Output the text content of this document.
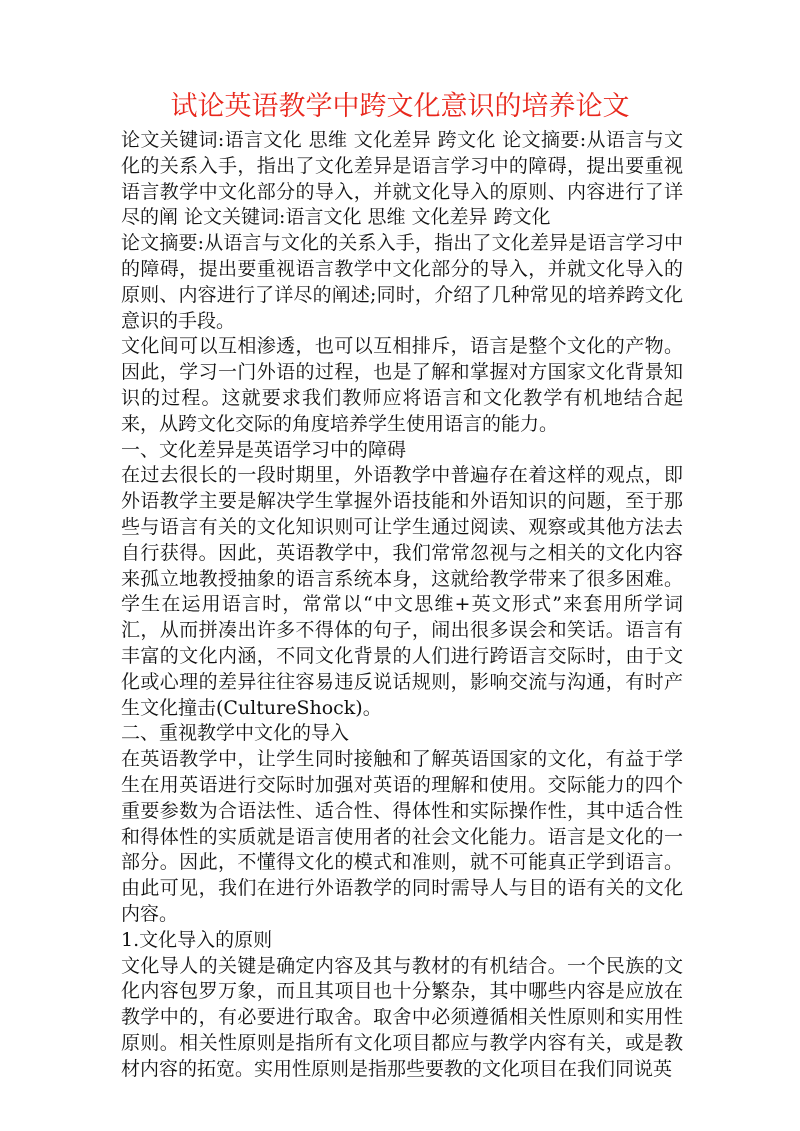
试论英语教学中跨文化意识的培养论文

论文关键词:语言文化 思维 文化差异 跨文化 论文摘要:从语言与文化的关系入手，指出了文化差异是语言学习中的障碍，提出要重视语言教学中文化部分的导入，并就文化导入的原则、内容进行了详尽的阐 论文关键词:语言文化 思维 文化差异 跨文化

论文摘要:从语言与文化的关系入手，指出了文化差异是语言学习中的障碍，提出要重视语言教学中文化部分的导入，并就文化导入的原则、内容进行了详尽的阐述;同时，介绍了几种常见的培养跨文化意识的手段。

文化间可以互相渗透，也可以互相排斥，语言是整个文化的产物。因此，学习一门外语的过程，也是了解和掌握对方国家文化背景知识的过程。这就要求我们教师应将语言和文化教学有机地结合起来，从跨文化交际的角度培养学生使用语言的能力。

一、文化差异是英语学习中的障碍

在过去很长的一段时期里，外语教学中普遍存在着这样的观点，即外语教学主要是解决学生掌握外语技能和外语知识的问题，至于那些与语言有关的文化知识则可让学生通过阅读、观察或其他方法去自行获得。因此，英语教学中，我们常常忽视与之相关的文化内容来孤立地教授抽象的语言系统本身，这就给教学带来了很多困难。学生在运用语言时，常常以“中文思维+英文形式”来套用所学词汇，从而拼凑出许多不得体的句子，闹出很多误会和笑话。语言有丰富的文化内涵，不同文化背景的人们进行跨语言交际时，由于文化或心理的差异往往容易违反说话规则，影响交流与沟通，有时产生文化撞击(CultureShock)。

二、重视教学中文化的导入

在英语教学中，让学生同时接触和了解英语国家的文化，有益于学生在用英语进行交际时加强对英语的理解和使用。交际能力的四个重要参数为合语法性、适合性、得体性和实际操作性，其中适合性和得体性的实质就是语言使用者的社会文化能力。语言是文化的一部分。因此，不懂得文化的模式和准则，就不可能真正学到语言。由此可见，我们在进行外语教学的同时需导人与目的语有关的文化内容。

1.文化导入的原则

文化导人的关键是确定内容及其与教材的有机结合。一个民族的文化内容包罗万象，而且其项目也十分繁杂，其中哪些内容是应放在教学中的，有必要进行取舍。取舍中必须遵循相关性原则和实用性原则。相关性原则是指所有文化项目都应与教学内容有关，或是教材内容的拓宽。实用性原则是指那些要教的文化项目在我们同说英
